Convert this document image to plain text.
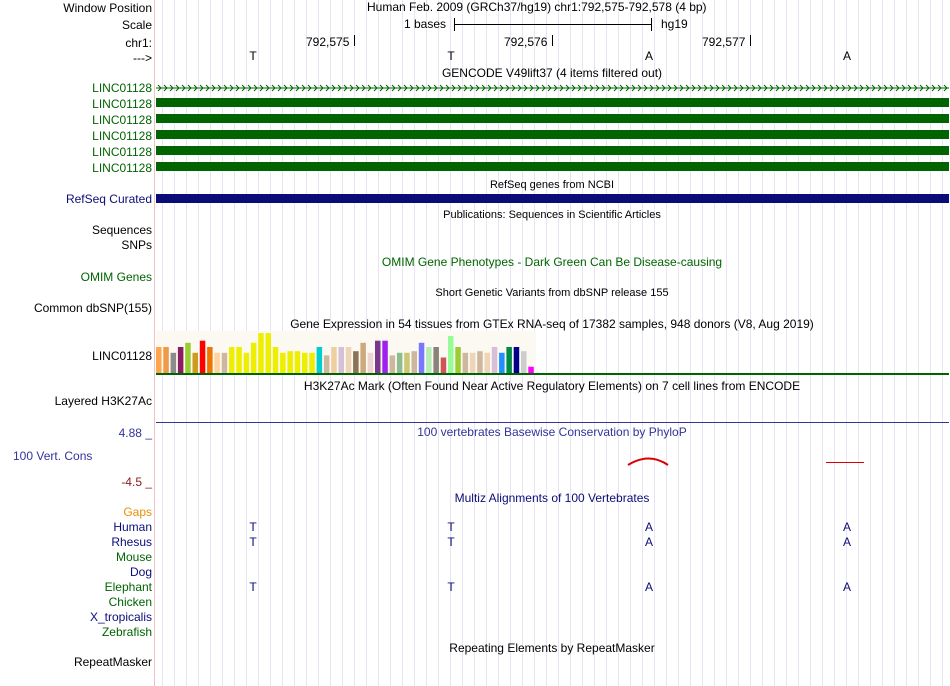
Window Position	Human Feb. 2009 (GRCh37/hg19) chr1:792,575-792,578 (4 bp)
Scale	1 bases	hg19
chr1:	792,575	792,576	792,577
--->	T	T	A	A
GENCODE V49lift37 (4 items filtered out)
LINC01128
LINC01128
LINC01128
LINC01128
LINC01128
LINC01128
RefSeq genes from NCBI
RefSeq Curated
Publications: Sequences in Scientific Articles
Sequences
SNPs
OMIM Gene Phenotypes - Dark Green Can Be Disease-causing
OMIM Genes
Short Genetic Variants from dbSNP release 155
Common dbSNP(155)
Gene Expression in 54 tissues from GTEx RNA-seq of 17382 samples, 948 donors (V8, Aug 2019)
LINC01128
H3K27Ac Mark (Often Found Near Active Regulatory Elements) on 7 cell lines from ENCODE
Layered H3K27Ac
4.88 _	100 vertebrates Basewise Conservation by PhyloP
100 Vert. Cons
-4.5 _
Multiz Alignments of 100 Vertebrates
Gaps
Human	T	T	A	A
Rhesus	T	T	A	A
Mouse
Dog
Elephant	T	T	A	A
Chicken
X_tropicalis
Zebrafish
Repeating Elements by RepeatMasker
RepeatMasker
